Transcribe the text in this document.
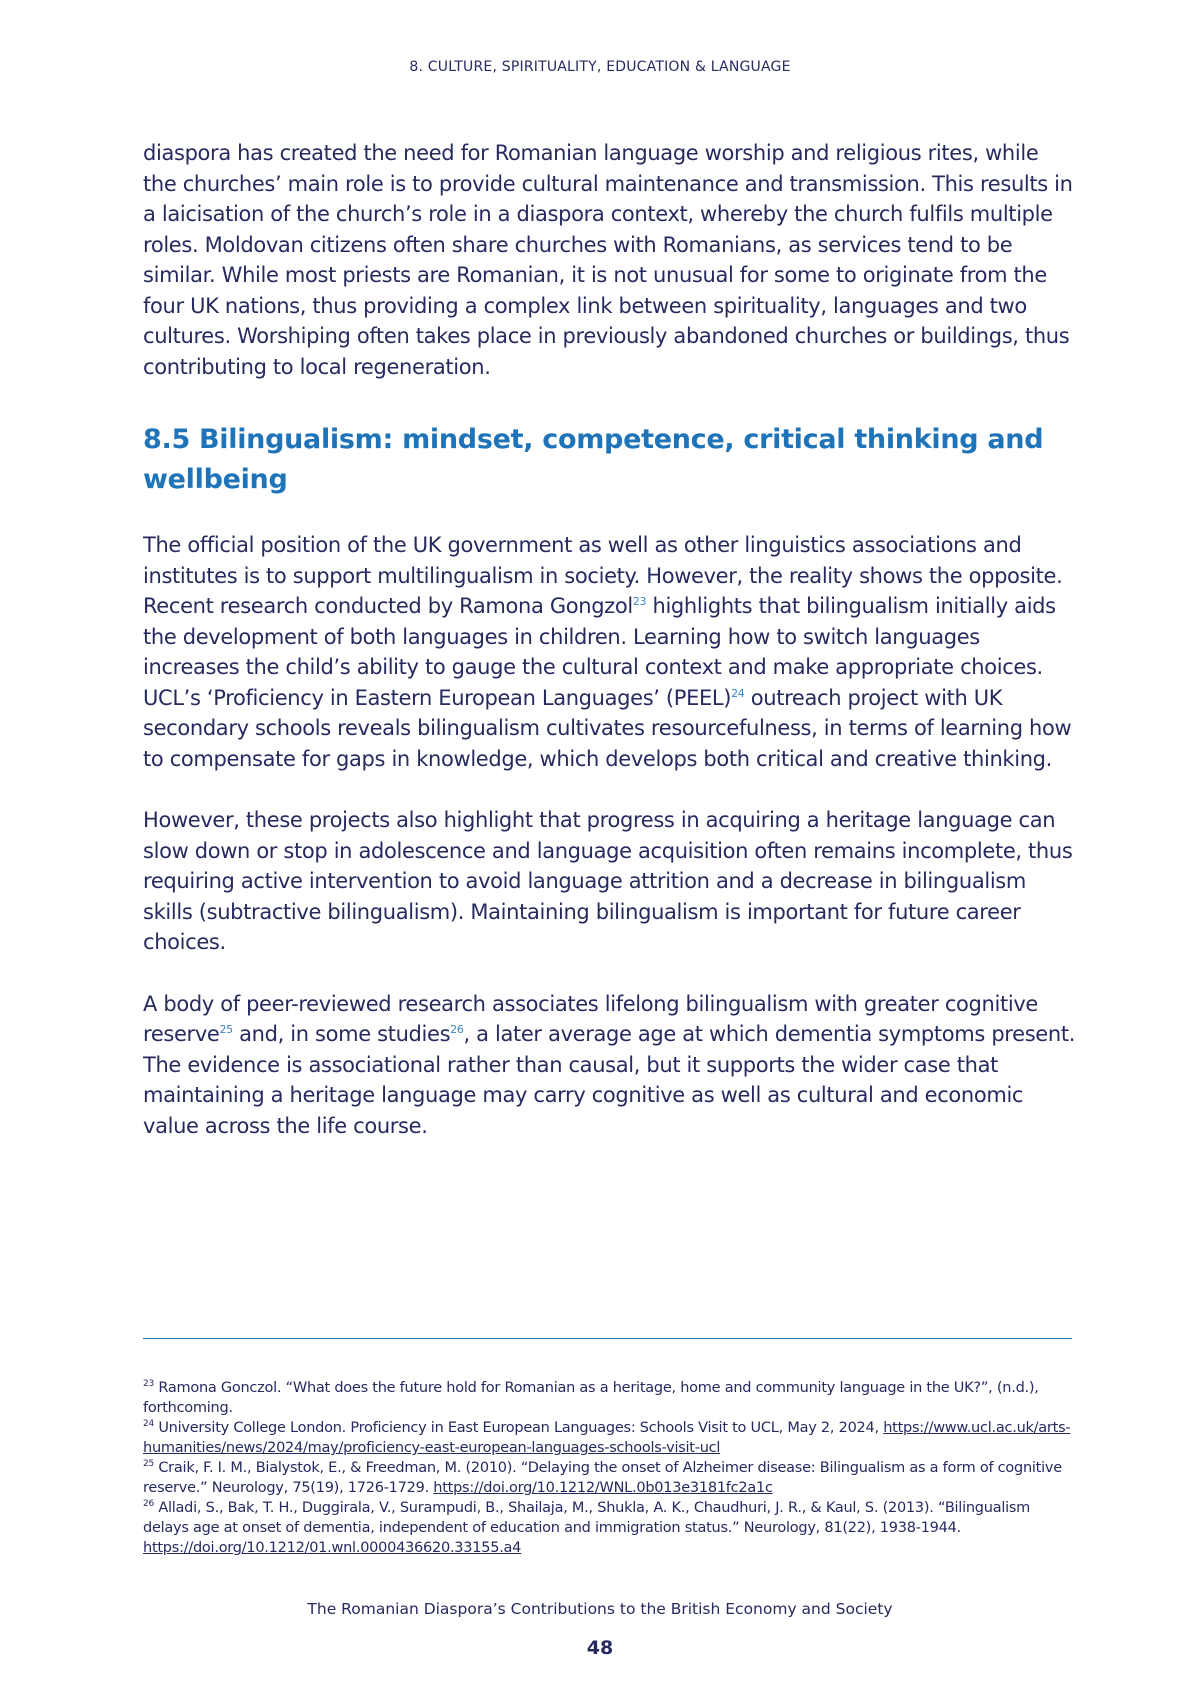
8. CULTURE, SPIRITUALITY, EDUCATION & LANGUAGE

diaspora has created the need for Romanian language worship and religious rites, while the churches’ main role is to provide cultural maintenance and transmission. This results in a laicisation of the church’s role in a diaspora context, whereby the church fulfils multiple roles. Moldovan citizens often share churches with Romanians, as services tend to be similar. While most priests are Romanian, it is not unusual for some to originate from the four UK nations, thus providing a complex link between spirituality, languages and two cultures. Worshiping often takes place in previously abandoned churches or buildings, thus contributing to local regeneration.

8.5 Bilingualism: mindset, competence, critical thinking and wellbeing

The official position of the UK government as well as other linguistics associations and institutes is to support multilingualism in society. However, the reality shows the opposite. Recent research conducted by Ramona Gongzol$^{23}$ highlights that bilingualism initially aids the development of both languages in children. Learning how to switch languages increases the child’s ability to gauge the cultural context and make appropriate choices. UCL’s ‘Proficiency in Eastern European Languages’ (PEEL)$^{24}$ outreach project with UK secondary schools reveals bilingualism cultivates resourcefulness, in terms of learning how to compensate for gaps in knowledge, which develops both critical and creative thinking.

However, these projects also highlight that progress in acquiring a heritage language can slow down or stop in adolescence and language acquisition often remains incomplete, thus requiring active intervention to avoid language attrition and a decrease in bilingualism skills (subtractive bilingualism). Maintaining bilingualism is important for future career choices.

A body of peer-reviewed research associates lifelong bilingualism with greater cognitive reserve$^{25}$ and, in some studies$^{26}$, a later average age at which dementia symptoms present. The evidence is associational rather than causal, but it supports the wider case that maintaining a heritage language may carry cognitive as well as cultural and economic value across the life course.

$^{23}$ Ramona Gonczol. “What does the future hold for Romanian as a heritage, home and community language in the UK?”, (n.d.), forthcoming.

$^{24}$ University College London. Proficiency in East European Languages: Schools Visit to UCL, May 2, 2024, https://www.ucl.ac.uk/arts-humanities/news/2024/may/proficiency-east-european-languages-schools-visit-ucl

$^{25}$ Craik, F. I. M., Bialystok, E., & Freedman, M. (2010). “Delaying the onset of Alzheimer disease: Bilingualism as a form of cognitive reserve.” Neurology, 75(19), 1726-1729. https://doi.org/10.1212/WNL.0b013e3181fc2a1c

$^{26}$ Alladi, S., Bak, T. H., Duggirala, V., Surampudi, B., Shailaja, M., Shukla, A. K., Chaudhuri, J. R., & Kaul, S. (2013). “Bilingualism delays age at onset of dementia, independent of education and immigration status.” Neurology, 81(22), 1938-1944. https://doi.org/10.1212/01.wnl.0000436620.33155.a4

The Romanian Diaspora’s Contributions to the British Economy and Society
48
